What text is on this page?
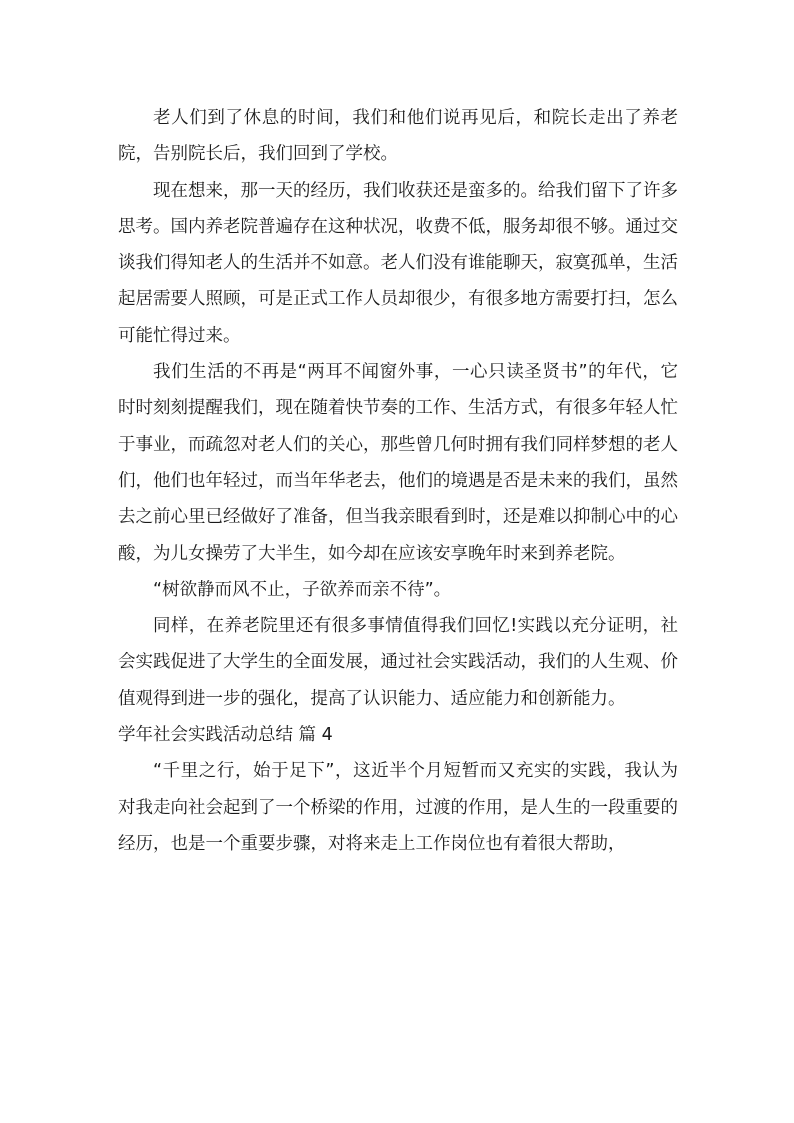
老人们到了休息的时间，我们和他们说再见后，和院长走出了养老院，告别院长后，我们回到了学校。

现在想来，那一天的经历，我们收获还是蛮多的。给我们留下了许多思考。国内养老院普遍存在这种状况，收费不低，服务却很不够。通过交谈我们得知老人的生活并不如意。老人们没有谁能聊天，寂寞孤单，生活起居需要人照顾，可是正式工作人员却很少，有很多地方需要打扫，怎么可能忙得过来。

我们生活的不再是“两耳不闻窗外事，一心只读圣贤书”的年代，它时时刻刻提醒我们，现在随着快节奏的工作、生活方式，有很多年轻人忙于事业，而疏忽对老人们的关心，那些曾几何时拥有我们同样梦想的老人们，他们也年轻过，而当年华老去，他们的境遇是否是未来的我们，虽然去之前心里已经做好了准备，但当我亲眼看到时，还是难以抑制心中的心酸，为儿女操劳了大半生，如今却在应该安享晚年时来到养老院。

“树欲静而风不止，子欲养而亲不待”。

同样，在养老院里还有很多事情值得我们回忆!实践以充分证明，社会实践促进了大学生的全面发展，通过社会实践活动，我们的人生观、价值观得到进一步的强化，提高了认识能力、适应能力和创新能力。

学年社会实践活动总结 篇 4

“千里之行，始于足下”，这近半个月短暂而又充实的实践，我认为对我走向社会起到了一个桥梁的作用，过渡的作用，是人生的一段重要的经历，也是一个重要步骤，对将来走上工作岗位也有着很大帮助，
